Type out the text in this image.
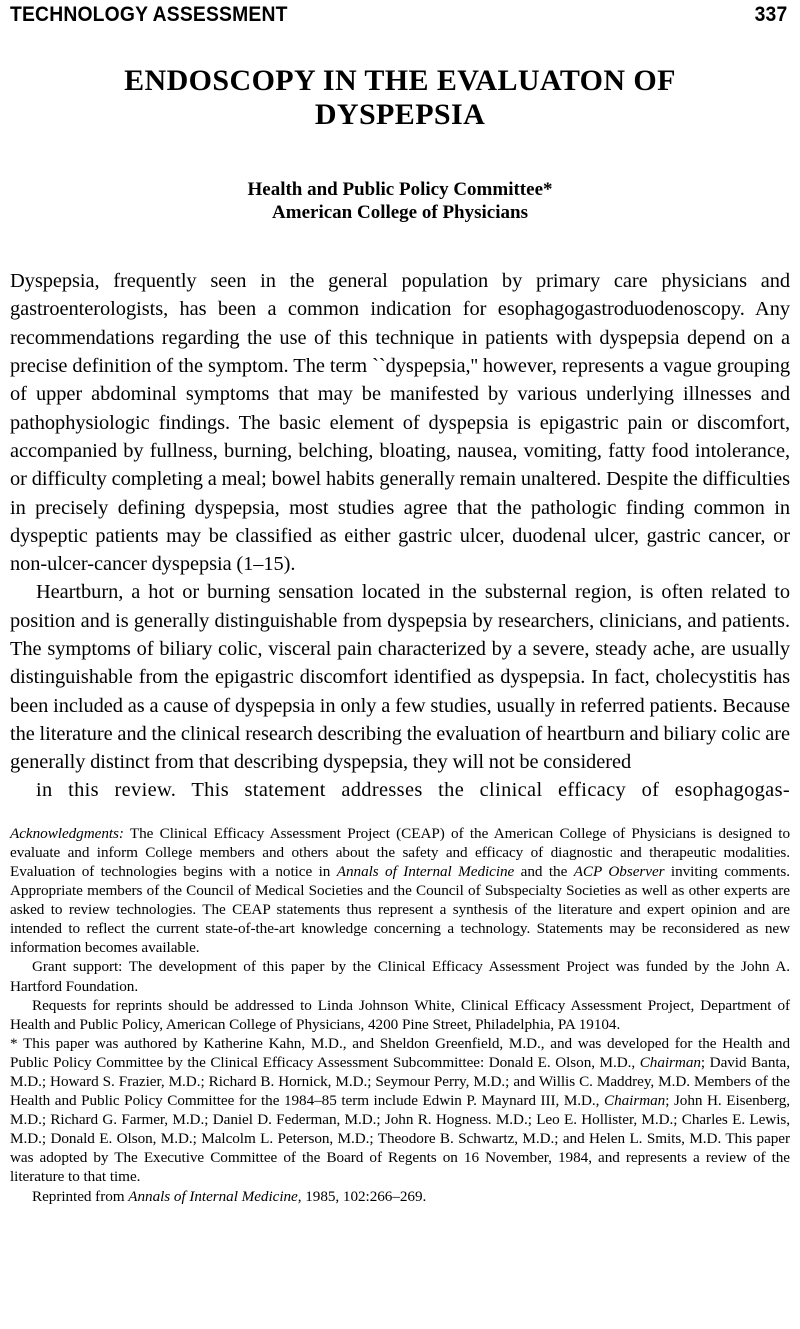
TECHNOLOGY ASSESSMENT	337
ENDOSCOPY IN THE EVALUATON OF
DYSPEPSIA
Health and Public Policy Committee*
American College of Physicians

Dyspepsia, frequently seen in the general population by primary care physicians and gastroenterologists, has been a common indication for esophagogastroduodenoscopy. Any recommendations regarding the use of this technique in patients with dyspepsia depend on a precise definition of the symptom. The term ``dyspepsia,'' however, represents a vague grouping of upper abdominal symptoms that may be manifested by various underlying illnesses and pathophysiologic findings. The basic element of dyspepsia is epigastric pain or discomfort, accompanied by fullness, burning, belching, bloating, nausea, vomiting, fatty food intolerance, or difficulty completing a meal; bowel habits generally remain unaltered. Despite the difficulties in precisely defining dyspepsia, most studies agree that the pathologic finding common in dyspeptic patients may be classified as either gastric ulcer, duodenal ulcer, gastric cancer, or non-ulcer-cancer dyspepsia (1–15).

Heartburn, a hot or burning sensation located in the substernal region, is often related to position and is generally distinguishable from dyspepsia by researchers, clinicians, and patients. The symptoms of biliary colic, visceral pain characterized by a severe, steady ache, are usually distinguishable from the epigastric discomfort identified as dyspepsia. In fact, cholecystitis has been included as a cause of dyspepsia in only a few studies, usually in referred patients. Because the literature and the clinical research describing the evaluation of heartburn and biliary colic are generally distinct from that describing dyspepsia, they will not be considered
in this review. This statement addresses the clinical efficacy of esophagogas-

Acknowledgments: The Clinical Efficacy Assessment Project (CEAP) of the American College of Physicians is designed to evaluate and inform College members and others about the safety and efficacy of diagnostic and therapeutic modalities. Evaluation of technologies begins with a notice in Annals of Internal Medicine and the ACP Observer inviting comments. Appropriate members of the Council of Medical Societies and the Council of Subspecialty Societies as well as other experts are asked to review technologies. The CEAP statements thus represent a synthesis of the literature and expert opinion and are intended to reflect the current state-of-the-art knowledge concerning a technology. Statements may be reconsidered as new information becomes available.

Grant support: The development of this paper by the Clinical Efficacy Assessment Project was funded by the John A. Hartford Foundation.

Requests for reprints should be addressed to Linda Johnson White, Clinical Efficacy Assessment Project, Department of Health and Public Policy, American College of Physicians, 4200 Pine Street, Philadelphia, PA 19104.

* This paper was authored by Katherine Kahn, M.D., and Sheldon Greenfield, M.D., and was developed for the Health and Public Policy Committee by the Clinical Efficacy Assessment Subcommittee: Donald E. Olson, M.D., Chairman; David Banta, M.D.; Howard S. Frazier, M.D.; Richard B. Hornick, M.D.; Seymour Perry, M.D.; and Willis C. Maddrey, M.D. Members of the Health and Public Policy Committee for the 1984–85 term include Edwin P. Maynard III, M.D., Chairman; John H. Eisenberg, M.D.; Richard G. Farmer, M.D.; Daniel D. Federman, M.D.; John R. Hogness. M.D.; Leo E. Hollister, M.D.; Charles E. Lewis, M.D.; Donald E. Olson, M.D.; Malcolm L. Peterson, M.D.; Theodore B. Schwartz, M.D.; and Helen L. Smits, M.D. This paper was adopted by The Executive Committee of the Board of Regents on 16 November, 1984, and represents a review of the literature to that time.

Reprinted from Annals of Internal Medicine, 1985, 102:266–269.
